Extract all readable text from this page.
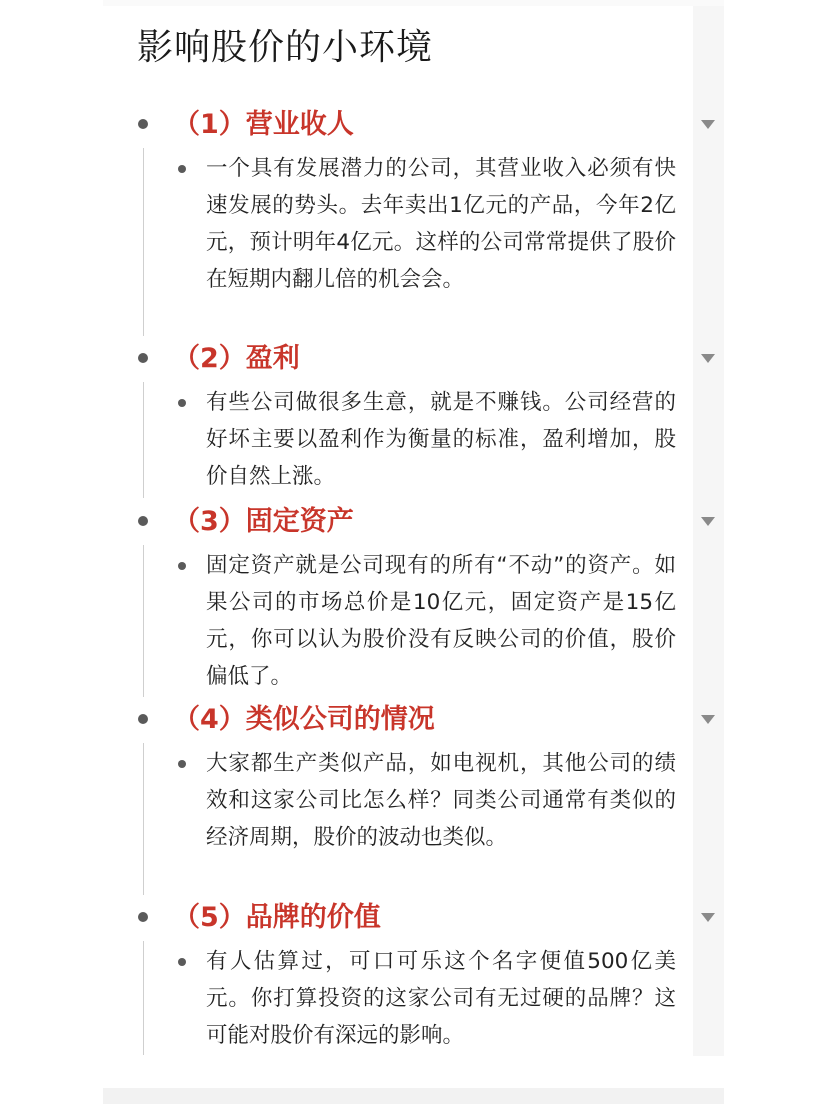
影响股价的小环境
（1）营业收人

一个具有发展潜力的公司，其营业收入必须有快速发展的势头。去年卖出1亿元的产品，今年2亿元，预计明年4亿元。这样的公司常常提供了股价在短期内翻儿倍的机会会。

（2）盈利

有些公司做很多生意，就是不赚钱。公司经营的好坏主要以盈利作为衡量的标准，盈利增加，股价自然上涨。

（3）固定资产

固定资产就是公司现有的所有“不动”的资产。如果公司的市场总价是10亿元，固定资产是15亿元，你可以认为股价没有反映公司的价值，股价偏低了。

（4）类似公司的情况

大家都生产类似产品，如电视机，其他公司的绩效和这家公司比怎么样？同类公司通常有类似的经济周期，股价的波动也类似。

（5）品牌的价值

有人估算过，可口可乐这个名字便值500亿美元。你打算投资的这家公司有无过硬的品牌？这可能对股价有深远的影响。
